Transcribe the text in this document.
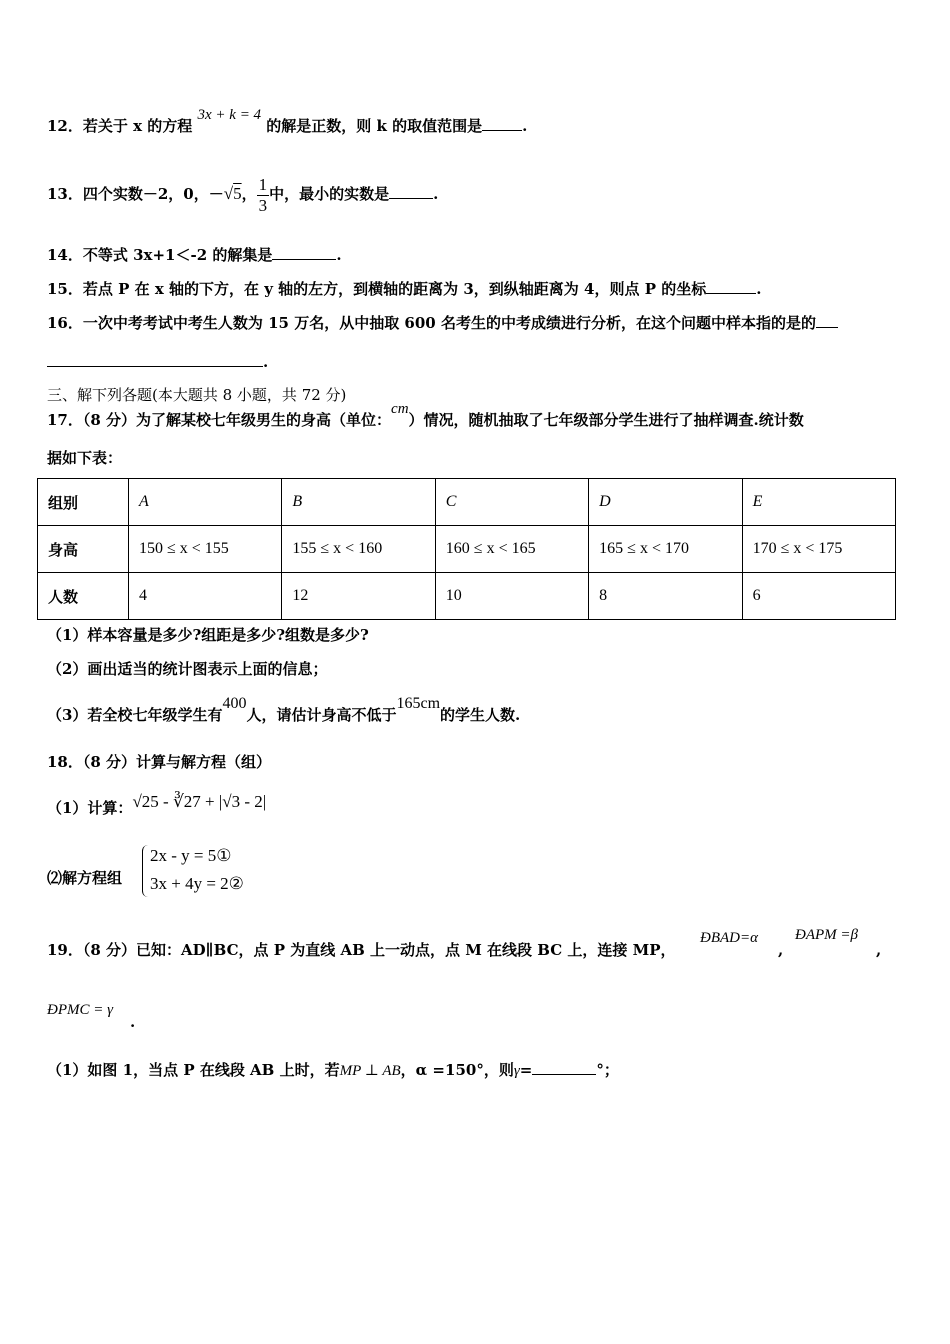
12．若关于 x 的方程 3x + k = 4 的解是正数，则 k 的取值范围是	.
13．四个实数－2，0，－√5， $\frac{1}{3}$ 中，最小的实数是	.
14．不等式 3x+1＜-2 的解集是	.
15．若点 P 在 x 轴的下方，在 y 轴的左方，到横轴的距离为 3，到纵轴距离为 4，则点 P 的坐标	.
16．一次中考考试中考生人数为 15 万名，从中抽取 600 名考生的中考成绩进行分析，在这个问题中样本指的是的
.
三、解下列各题(本大题共 8 小题，共 72 分)
17．（8 分）为了解某校七年级男生的身高（单位：cm）情况，随机抽取了七年级部分学生进行了抽样调查.统计数
据如下表：
组别	A	B	C	D	E
身高	150 ≤ x < 155	155 ≤ x < 160	160 ≤ x < 165	165 ≤ x < 170	170 ≤ x < 175
人数	4	12	10	8	6
（1）样本容量是多少?组距是多少?组数是多少?
（2）画出适当的统计图表示上面的信息；
（3）若全校七年级学生有400人，请估计身高不低于165cm的学生人数.
18．（8 分）计算与解方程（组）
（1）计算：√25 - ∛27 + |√3 - 2|
⑵解方程组
2x - y = 5①
3x + 4y = 2②
19．（8 分）已知：AD∥BC，点 P 为直线 AB 上一动点，点 M 在线段 BC 上，连接 MP，
ÐBAD=α
,
ÐAPM =β
,
ÐPMC = γ
.
（1）如图 1，当点 P 在线段 AB 上时，若MP ⊥ AB，α =150°，则γ=	°；
